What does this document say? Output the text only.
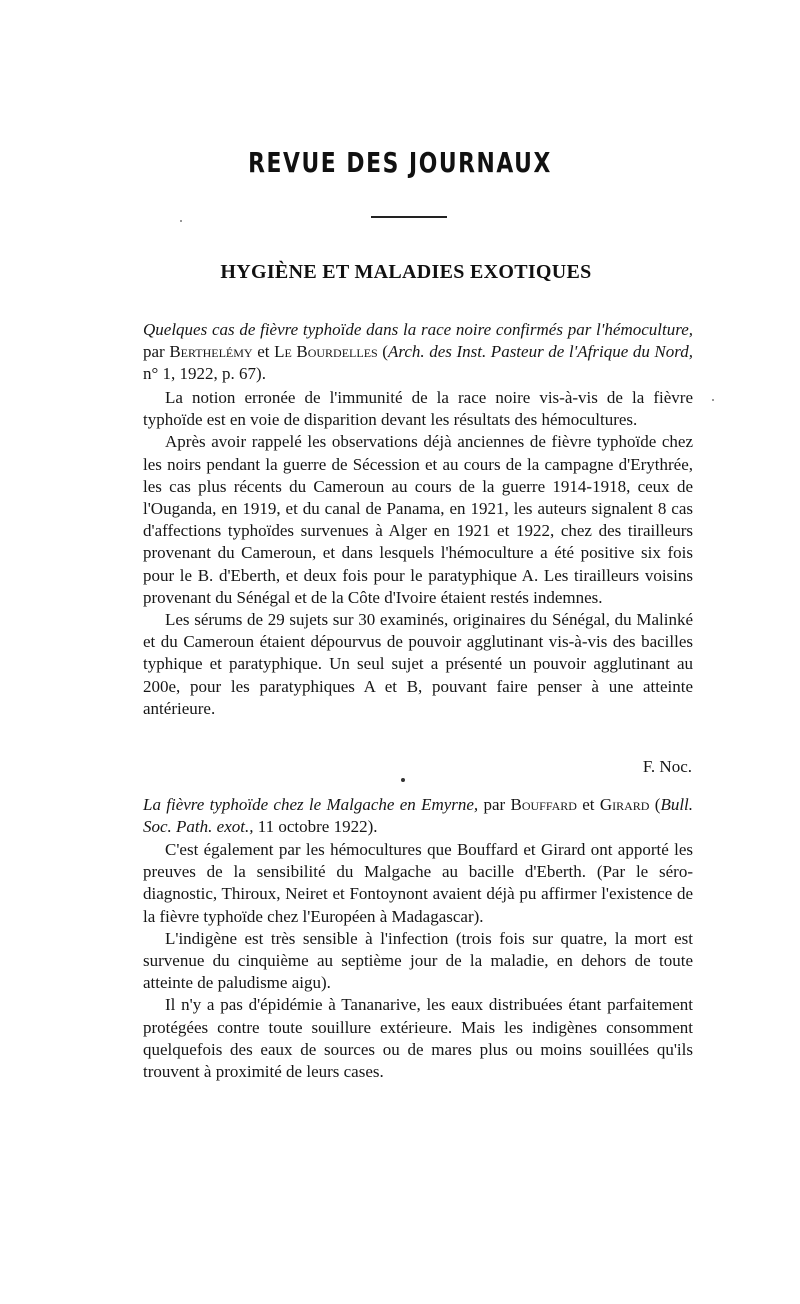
REVUE DES JOURNAUX
HYGIÈNE ET MALADIES EXOTIQUES
Quelques cas de fièvre typhoïde dans la race noire confirmés par l'hémoculture, par Berthelémy et Le Bourdelles (Arch. des Inst. Pasteur de l'Afrique du Nord, n° 1, 1922, p. 67).

La notion erronée de l'immunité de la race noire vis-à-vis de la fièvre typhoïde est en voie de disparition devant les résultats des hémocultures.

Après avoir rappelé les observations déjà anciennes de fièvre typhoïde chez les noirs pendant la guerre de Sécession et au cours de la campagne d'Erythrée, les cas plus récents du Cameroun au cours de la guerre 1914-1918, ceux de l'Ouganda, en 1919, et du canal de Panama, en 1921, les auteurs signalent 8 cas d'affections typhoïdes survenues à Alger en 1921 et 1922, chez des tirailleurs provenant du Cameroun, et dans lesquels l'hémoculture a été positive six fois pour le B. d'Eberth, et deux fois pour le paratyphique A. Les tirailleurs voisins provenant du Sénégal et de la Côte d'Ivoire étaient restés indemnes.

Les sérums de 29 sujets sur 30 examinés, originaires du Sénégal, du Malinké et du Cameroun étaient dépourvus de pouvoir agglutinant vis-à-vis des bacilles typhique et paratyphique. Un seul sujet a présenté un pouvoir agglutinant au 200e, pour les paratyphiques A et B, pouvant faire penser à une atteinte antérieure.

F. Noc.
La fièvre typhoïde chez le Malgache en Emyrne, par Bouffard et Girard (Bull. Soc. Path. exot., 11 octobre 1922).

C'est également par les hémocultures que Bouffard et Girard ont apporté les preuves de la sensibilité du Malgache au bacille d'Eberth. (Par le séro-diagnostic, Thiroux, Neiret et Fontoynont avaient déjà pu affirmer l'existence de la fièvre typhoïde chez l'Européen à Madagascar).

L'indigène est très sensible à l'infection (trois fois sur quatre, la mort est survenue du cinquième au septième jour de la maladie, en dehors de toute atteinte de paludisme aigu).

Il n'y a pas d'épidémie à Tananarive, les eaux distribuées étant parfaitement protégées contre toute souillure extérieure. Mais les indigènes consomment quelquefois des eaux de sources ou de mares plus ou moins souillées qu'ils trouvent à proximité de leurs cases.
